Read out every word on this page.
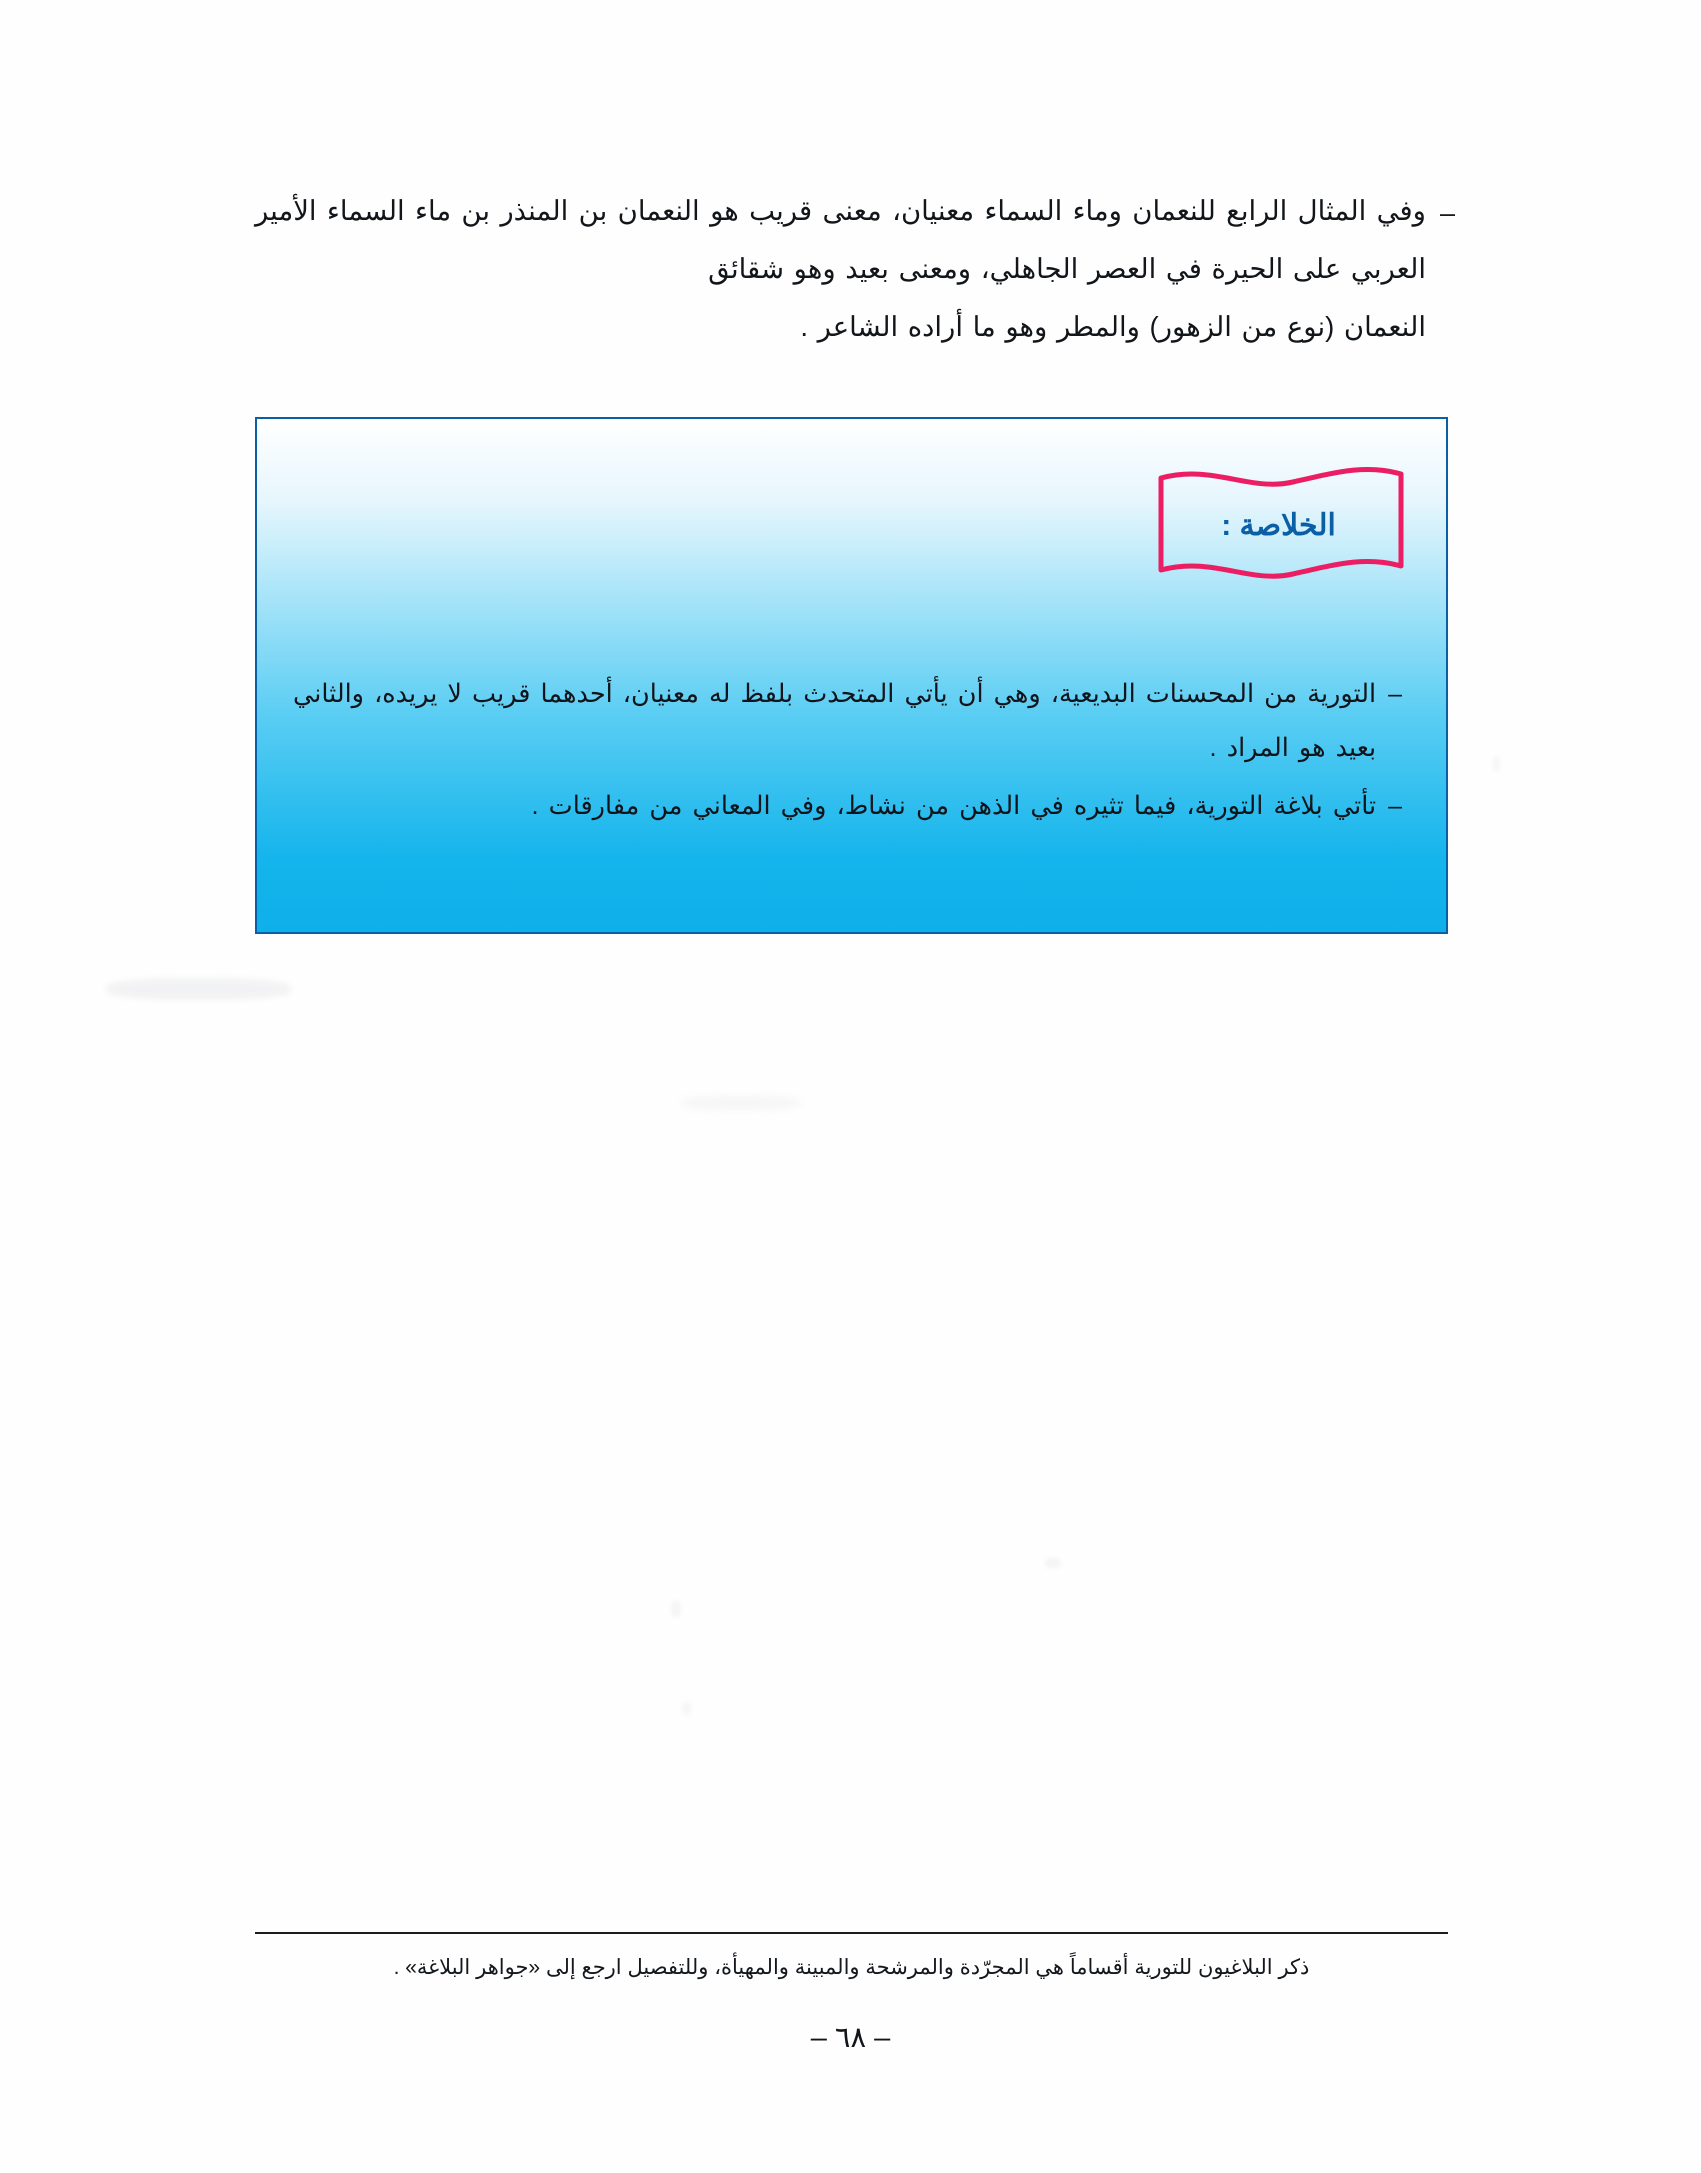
–
وفي المثال الرابع للنعمان وماء السماء معنيان، معنى قريب هو النعمان بن المنذر بن ماء السماء الأمير العربي على الحيرة في العصر الجاهلي، ومعنى بعيد وهو شقائق
النعمان (نوع من الزهور) والمطر وهو ما أراده الشاعر .
الخلاصة :
–
التورية من المحسنات البديعية، وهي أن يأتي المتحدث بلفظ له معنيان، أحدهما قريب لا يريده، والثاني بعيد هو المراد .
–
تأتي بلاغة التورية، فيما تثيره في الذهن من نشاط، وفي المعاني من مفارقات .
ذكر البلاغيون للتورية أقساماً هي المجرّدة والمرشحة والمبينة والمهيأة، وللتفصيل ارجع إلى «جواهر البلاغة» .
– ٦٨ –
